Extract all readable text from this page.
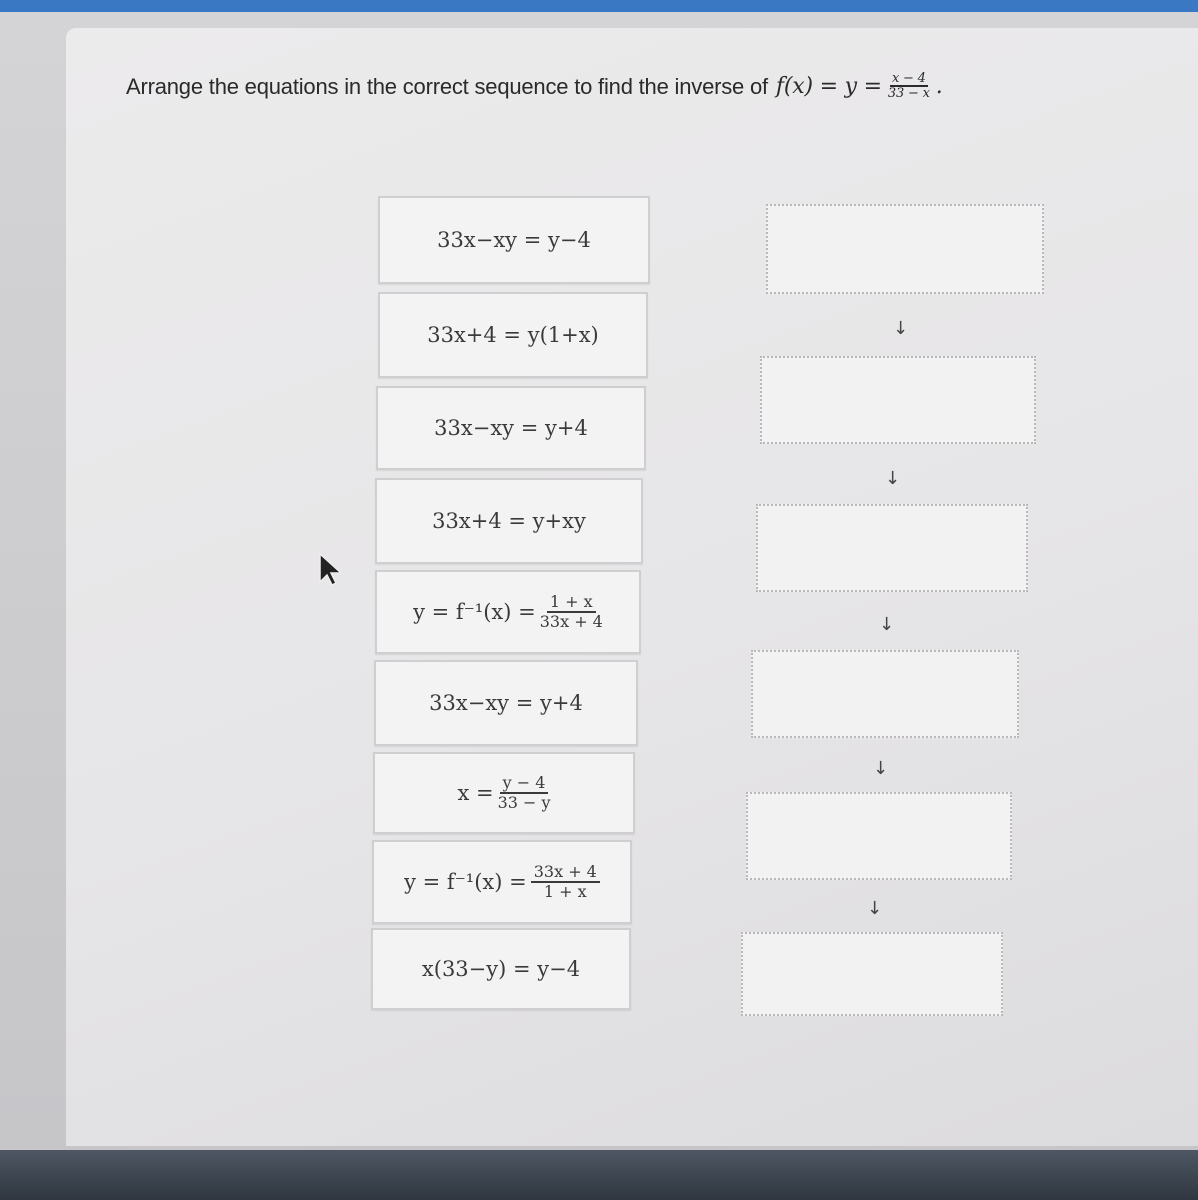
Arrange the equations in the correct sequence to find the inverse of $f(x) = y = \frac{x - 4}{33 - x}$ .
33x−xy = y−4
33x+4 = y(1+x)
33x−xy = y+4
33x+4 = y+xy
$y = f^{-1}(x) = \frac{1 + x}{33x + 4}$
33x−xy = y+4
$x = \frac{y - 4}{33 - y}$
$y = f^{-1}(x) = \frac{33x + 4}{1 + x}$
x(33−y) = y−4
↓
↓
↓
↓
↓
